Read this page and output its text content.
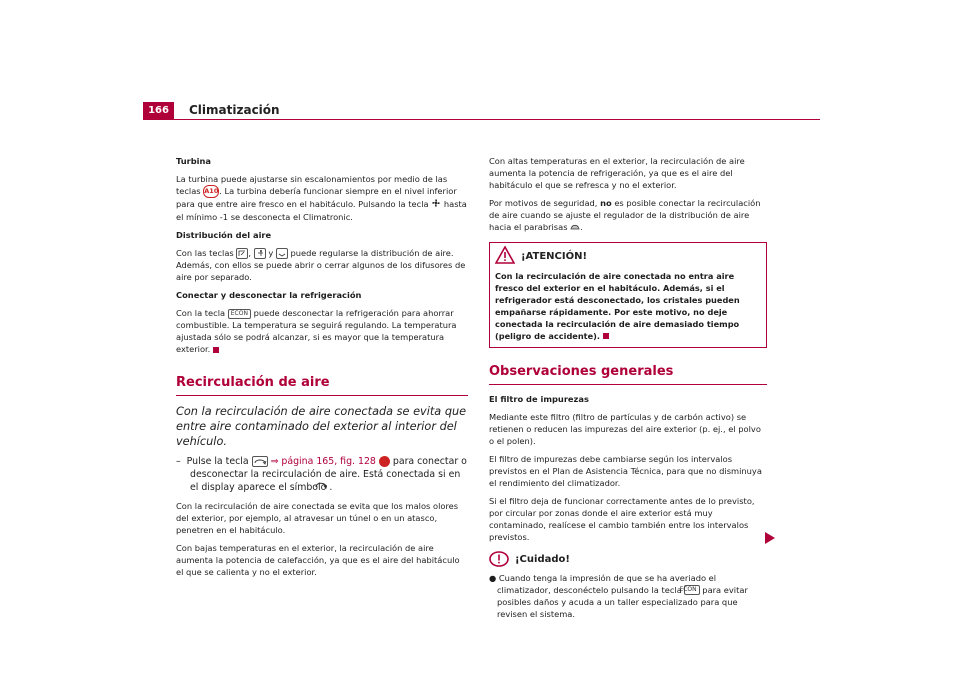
166	Climatización

Turbina

La turbina puede ajustarse sin escalonamientos por medio de las teclas A10. La turbina debería funcionar siempre en el nivel inferior para que entre aire fresco en el habitáculo. Pulsando la tecla hasta el mínimo -1 se desconecta el Climatronic.

Distribución del aire

Con las teclas , y puede regularse la distribución de aire. Además, con ellos se puede abrir o cerrar algunos de los difusores de aire por separado.

Conectar y desconectar la refrigeración

Con la tecla ECON puede desconectar la refrigeración para ahorrar combustible. La temperatura se seguirá regulando. La temperatura ajustada sólo se podrá alcanzar, si es mayor que la temperatura exterior.

Recirculación de aire

Con la recirculación de aire conectada se evita que entre aire contaminado del exterior al interior del vehículo.

– Pulse la tecla ⇒ página 165, fig. 128 2 para conectar o desconectar la recirculación de aire. Está conectada si en el display aparece el símbolo .

Con la recirculación de aire conectada se evita que los malos olores del exterior, por ejemplo, al atravesar un túnel o en un atasco, penetren en el habitáculo.

Con bajas temperaturas en el exterior, la recirculación de aire aumenta la potencia de calefacción, ya que es el aire del habitáculo el que se calienta y no el exterior.

Con altas temperaturas en el exterior, la recirculación de aire aumenta la potencia de refrigeración, ya que es el aire del habitáculo el que se refresca y no el exterior.

Por motivos de seguridad, no es posible conectar la recirculación de aire cuando se ajuste el regulador de la distribución de aire hacia el parabrisas .

¡ATENCIÓN!
Con la recirculación de aire conectada no entra aire fresco del exterior en el habitáculo. Además, si el refrigerador está desconectado, los cristales pueden empañarse rápidamente. Por este motivo, no deje conectada la recirculación de aire demasiado tiempo (peligro de accidente).

Observaciones generales

El filtro de impurezas

Mediante este filtro (filtro de partículas y de carbón activo) se retienen o reducen las impurezas del aire exterior (p. ej., el polvo o el polen).

El filtro de impurezas debe cambiarse según los intervalos previstos en el Plan de Asistencia Técnica, para que no disminuya el rendimiento del climatizador.

Si el filtro deja de funcionar correctamente antes de lo previsto, por circular por zonas donde el aire exterior está muy contaminado, realícese el cambio también entre los intervalos previstos.

¡Cuidado!

● Cuando tenga la impresión de que se ha averiado el climatizador, desconéctelo pulsando la tecla ECON para evitar posibles daños y acuda a un taller especializado para que revisen el sistema.
